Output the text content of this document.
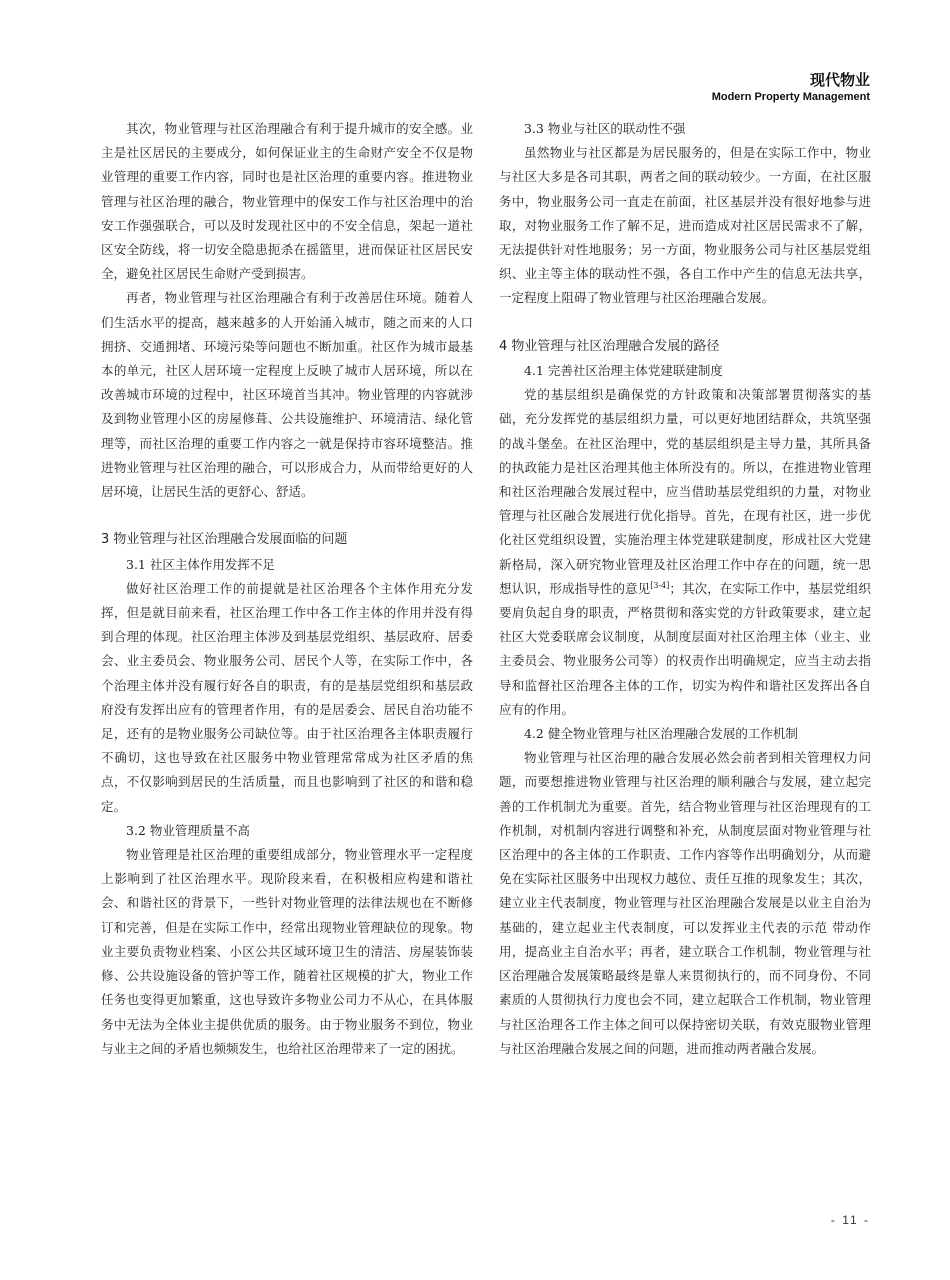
现代物业
Modern Property Management

其次，物业管理与社区治理融合有利于提升城市的安全感。业主是社区居民的主要成分，如何保证业主的生命财产安全不仅是物业管理的重要工作内容，同时也是社区治理的重要内容。推进物业管理与社区治理的融合，物业管理中的保安工作与社区治理中的治安工作强强联合，可以及时发现社区中的不安全信息，架起一道社区安全防线，将一切安全隐患扼杀在摇篮里，进而保证社区居民安全，避免社区居民生命财产受到损害。

再者，物业管理与社区治理融合有利于改善居住环境。随着人们生活水平的提高，越来越多的人开始涌入城市，随之而来的人口拥挤、交通拥堵、环境污染等问题也不断加重。社区作为城市最基本的单元，社区人居环境一定程度上反映了城市人居环境，所以在改善城市环境的过程中，社区环境首当其冲。物业管理的内容就涉及到物业管理小区的房屋修葺、公共设施维护、环境清洁、绿化管理等，而社区治理的重要工作内容之一就是保持市容环境整洁。推进物业管理与社区治理的融合，可以形成合力，从而带给更好的人居环境，让居民生活的更舒心、舒适。

3 物业管理与社区治理融合发展面临的问题
3.1 社区主体作用发挥不足

做好社区治理工作的前提就是社区治理各个主体作用充分发挥，但是就目前来看，社区治理工作中各工作主体的作用并没有得到合理的体现。社区治理主体涉及到基层党组织、基层政府、居委会、业主委员会、物业服务公司、居民个人等，在实际工作中，各个治理主体并没有履行好各自的职责，有的是基层党组织和基层政府没有发挥出应有的管理者作用，有的是居委会、居民自治功能不足，还有的是物业服务公司缺位等。由于社区治理各主体职责履行不确切，这也导致在社区服务中物业管理常常成为社区矛盾的焦点，不仅影响到居民的生活质量，而且也影响到了社区的和谐和稳定。

3.2 物业管理质量不高

物业管理是社区治理的重要组成部分，物业管理水平一定程度上影响到了社区治理水平。现阶段来看，在积极相应构建和谐社会、和谐社区的背景下，一些针对物业管理的法律法规也在不断修订和完善，但是在实际工作中，经常出现物业管理缺位的现象。物业主要负责物业档案、小区公共区域环境卫生的清洁、房屋装饰装修、公共设施设备的管护等工作，随着社区规模的扩大，物业工作任务也变得更加繁重，这也导致许多物业公司力不从心，在具体服务中无法为全体业主提供优质的服务。由于物业服务不到位，物业与业主之间的矛盾也频频发生，也给社区治理带来了一定的困扰。

3.3 物业与社区的联动性不强

虽然物业与社区都是为居民服务的，但是在实际工作中，物业与社区大多是各司其职，两者之间的联动较少。一方面，在社区服务中，物业服务公司一直走在前面，社区基层并没有很好地参与进取，对物业服务工作了解不足，进而造成对社区居民需求不了解，无法提供针对性地服务；另一方面，物业服务公司与社区基层党组织、业主等主体的联动性不强，各自工作中产生的信息无法共享，一定程度上阻碍了物业管理与社区治理融合发展。

4 物业管理与社区治理融合发展的路径
4.1 完善社区治理主体党建联建制度

党的基层组织是确保党的方针政策和决策部署贯彻落实的基础，充分发挥党的基层组织力量，可以更好地团结群众，共筑坚强的战斗堡垒。在社区治理中，党的基层组织是主导力量，其所具备的执政能力是社区治理其他主体所没有的。所以，在推进物业管理和社区治理融合发展过程中，应当借助基层党组织的力量，对物业管理与社区融合发展进行优化指导。首先，在现有社区，进一步优化社区党组织设置，实施治理主体党建联建制度，形成社区大党建新格局，深入研究物业管理及社区治理工作中存在的问题，统一思想认识，形成指导性的意见[3-4]；其次，在实际工作中，基层党组织要肩负起自身的职责，严格贯彻和落实党的方针政策要求，建立起社区大党委联席会议制度，从制度层面对社区治理主体（业主、业主委员会、物业服务公司等）的权责作出明确规定，应当主动去指导和监督社区治理各主体的工作，切实为构件和谐社区发挥出各自应有的作用。

4.2 健全物业管理与社区治理融合发展的工作机制

物业管理与社区治理的融合发展必然会前者到相关管理权力问题，而要想推进物业管理与社区治理的顺利融合与发展，建立起完善的工作机制尤为重要。首先，结合物业管理与社区治理现有的工作机制，对机制内容进行调整和补充，从制度层面对物业管理与社区治理中的各主体的工作职责、工作内容等作出明确划分，从而避免在实际社区服务中出现权力越位、责任互推的现象发生；其次，建立业主代表制度，物业管理与社区治理融合发展是以业主自治为基础的，建立起业主代表制度，可以发挥业主代表的示范 带动作用，提高业主自治水平；再者，建立联合工作机制，物业管理与社区治理融合发展策略最终是靠人来贯彻执行的，而不同身份、不同素质的人贯彻执行力度也会不同，建立起联合工作机制，物业管理与社区治理各工作主体之间可以保持密切关联，有效克服物业管理与社区治理融合发展之间的问题，进而推动两者融合发展。

- 11 -
